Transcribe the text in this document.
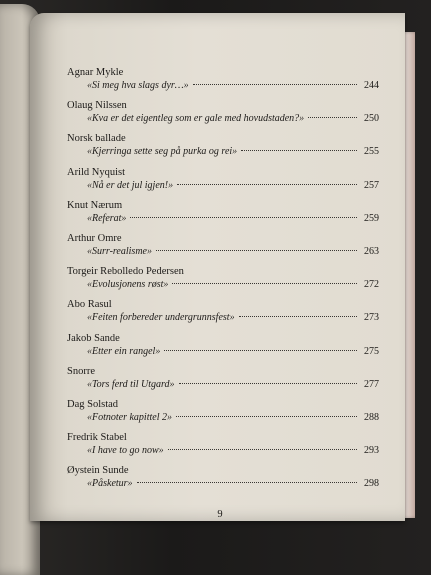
Agnar Mykle
«Si meg hva slags dyr…»	244
Olaug Nilssen
«Kva er det eigentleg som er gale med hovudstaden?»	250
Norsk ballade
«Kjerringa sette seg på purka og rei»	255
Arild Nyquist
«Nå er det jul igjen!»	257
Knut Nærum
«Referat»	259
Arthur Omre
«Surr-realisme»	263
Torgeir Rebolledo Pedersen
«Evolusjonens røst»	272
Abo Rasul
«Feiten forbereder undergrunnsfest»	273
Jakob Sande
«Etter ein rangel»	275
Snorre
«Tors ferd til Utgard»	277
Dag Solstad
«Fotnoter kapittel 2»	288
Fredrik Stabel
«I have to go now»	293
Øystein Sunde
«Påsketur»	298
9
